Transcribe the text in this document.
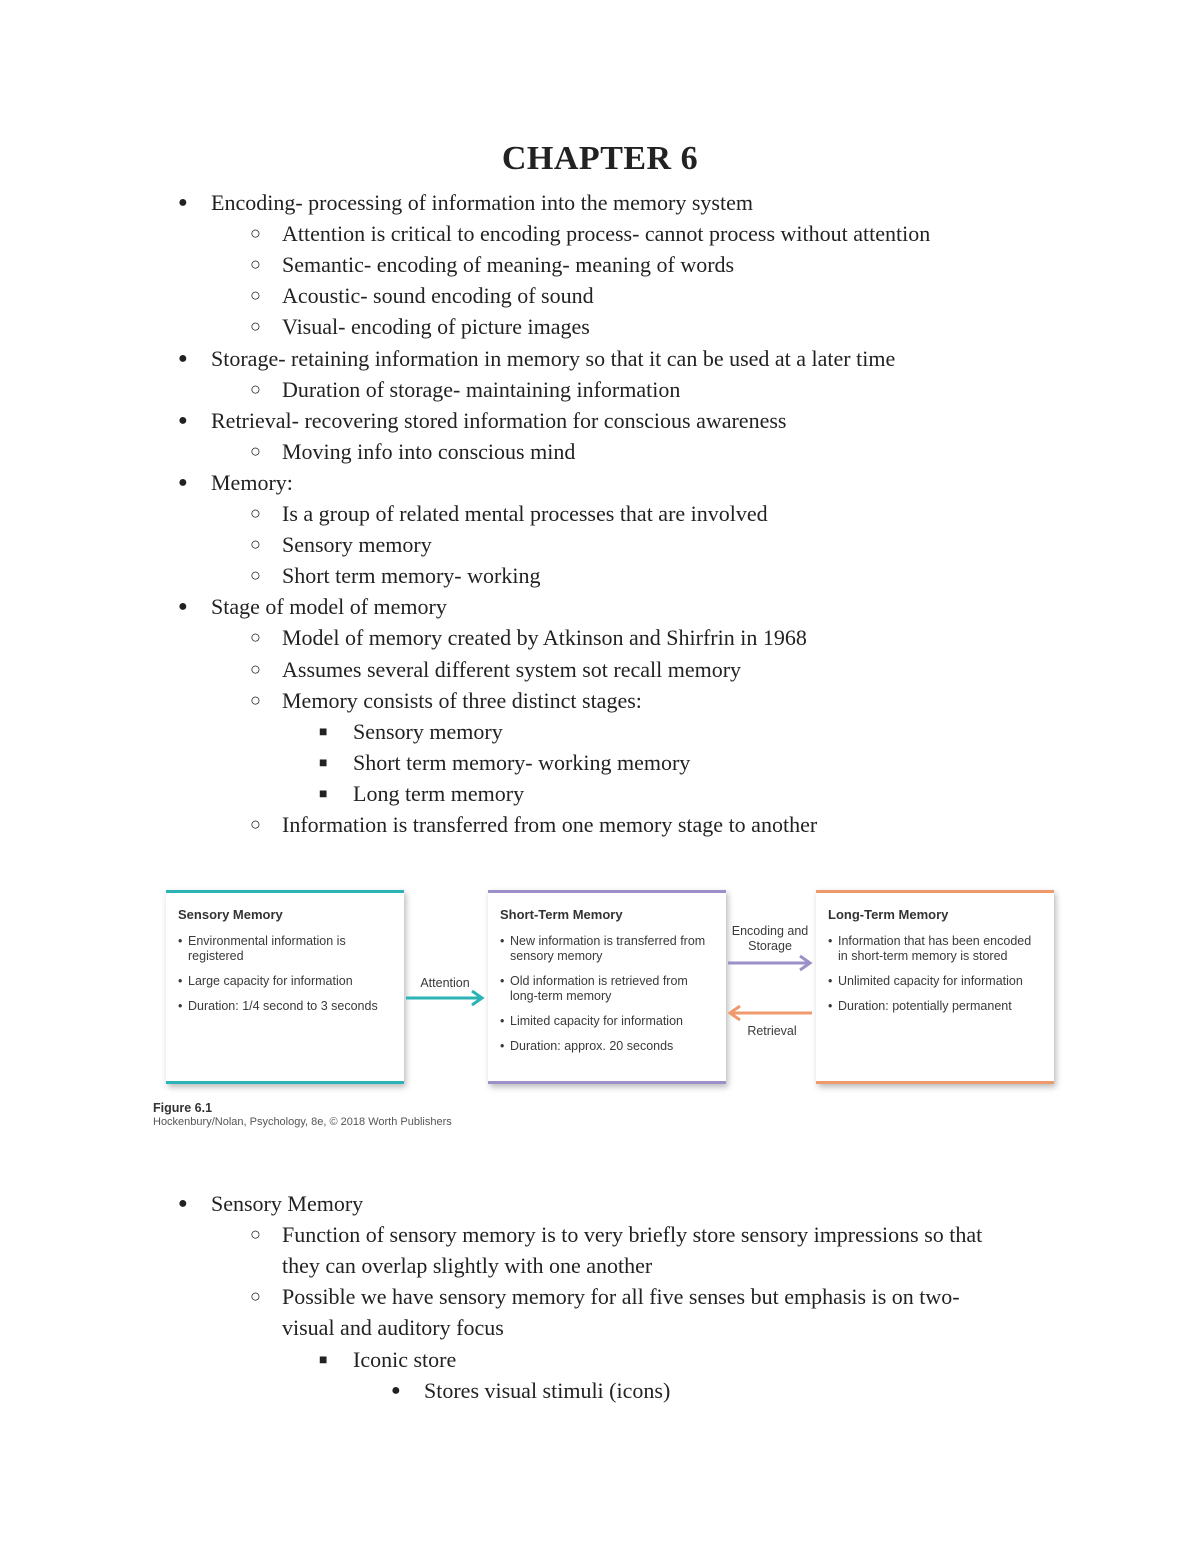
CHAPTER 6
●
Encoding- processing of information into the memory system
○
Attention is critical to encoding process- cannot process without attention
○
Semantic- encoding of meaning- meaning of words
○
Acoustic- sound encoding of sound
○
Visual- encoding of picture images
●
Storage- retaining information in memory so that it can be used at a later time
○
Duration of storage- maintaining information
●
Retrieval- recovering stored information for conscious awareness
○
Moving info into conscious mind
●
Memory:
○
Is a group of related mental processes that are involved
○
Sensory memory
○
Short term memory- working
●
Stage of model of memory
○
Model of memory created by Atkinson and Shirfrin in 1968
○
Assumes several different system sot recall memory
○
Memory consists of three distinct stages:
■
Sensory memory
■
Short term memory- working memory
■
Long term memory
○
Information is transferred from one memory stage to another
Sensory Memory
• Environmental information is registered
• Large capacity for information
• Duration: 1/4 second to 3 seconds
Short-Term Memory
• New information is transferred from sensory memory
• Old information is retrieved from long-term memory
• Limited capacity for information
• Duration: approx. 20 seconds
Long-Term Memory
• Information that has been encoded in short-term memory is stored
• Unlimited capacity for information
• Duration: potentially permanent
Attention
Encoding and Storage
Retrieval
Figure 6.1
Hockenbury/Nolan, Psychology, 8e, © 2018 Worth Publishers
●
Sensory Memory
○
Function of sensory memory is to very briefly store sensory impressions so that
they can overlap slightly with one another
○
Possible we have sensory memory for all five senses but emphasis is on two-
visual and auditory focus
■
Iconic store
●
Stores visual stimuli (icons)
